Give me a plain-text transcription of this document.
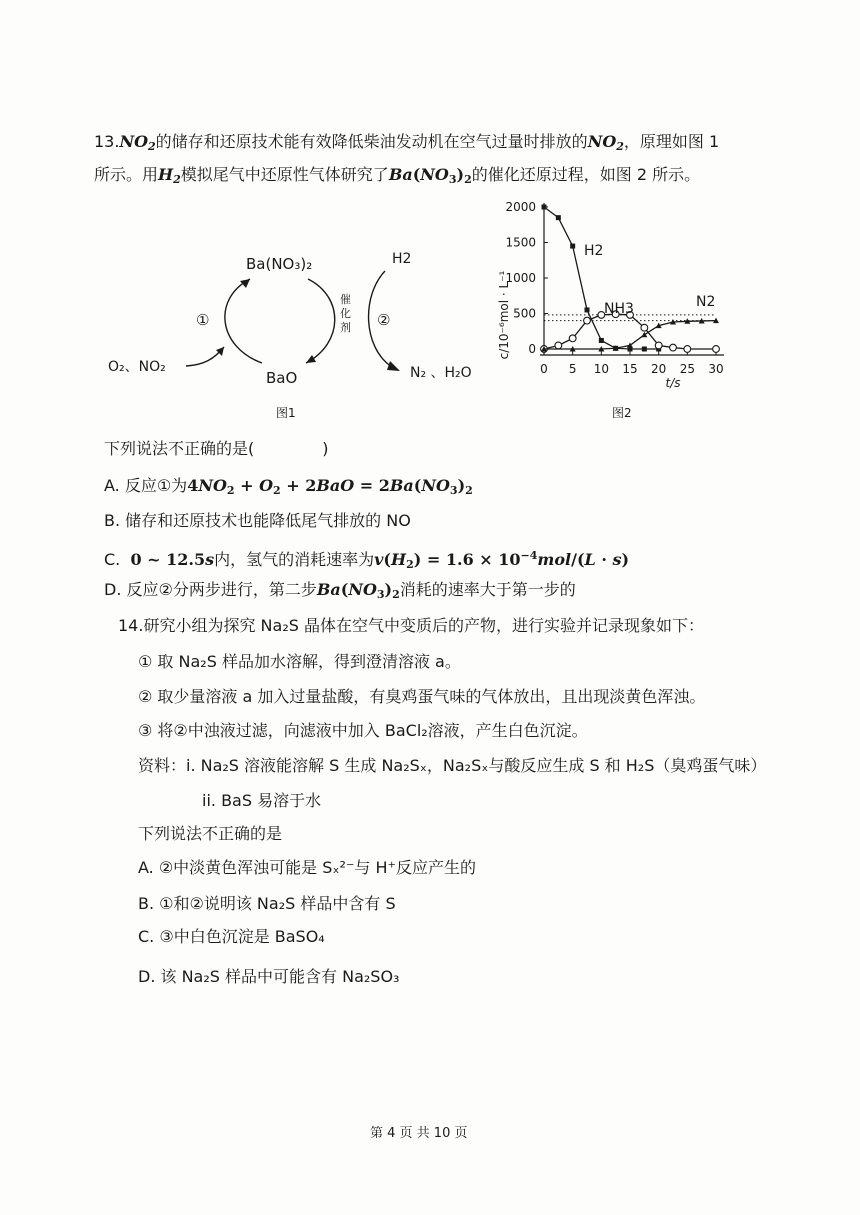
$13.NO_2$的储存和还原技术能有效降低柴油发动机在空气过量时排放的$NO_2$，原理如图 1
所示。用$H_2$模拟尾气中还原性气体研究了$Ba(NO_3)_2$的催化还原过程，如图 2 所示。
Ba(NO₃)₂	H2
①	②
催
化
剂
O₂、NO₂
BaO	N₂ 、H₂O
图1
0 5 10 15 20 25 30
0
500
1000
1500
2000
t/s
c/10⁻⁶mol · L⁻¹
H2
NH3	N2
图2
下列说法不正确的是(	)
A. 反应①为$4NO_2 + O_2 + 2BaO = 2Ba(NO_3)_2$
B. 储存和还原技术也能降低尾气排放的 NO
C. 0 ~ 12.5s内，氢气的消耗速率为$v(H_2) = 1.6 \times 10^{-4}mol/(L \cdot s)$
D. 反应②分两步进行，第二步$Ba(NO_3)_2$消耗的速率大于第一步的
14.研究小组为探究 Na₂S 晶体在空气中变质后的产物，进行实验并记录现象如下：
① 取 Na₂S 样品加水溶解，得到澄清溶液 a。
② 取少量溶液 a 加入过量盐酸，有臭鸡蛋气味的气体放出，且出现淡黄色浑浊。
③ 将②中浊液过滤，向滤液中加入 BaCl₂溶液，产生白色沉淀。
资料：i. Na₂S 溶液能溶解 S 生成 Na₂Sₓ，Na₂Sₓ与酸反应生成 S 和 H₂S（臭鸡蛋气味）
ii. BaS 易溶于水
下列说法不正确的是
A. ②中淡黄色浑浊可能是 Sₓ²⁻与 H⁺反应产生的
B. ①和②说明该 Na₂S 样品中含有 S
C. ③中白色沉淀是 BaSO₄
D. 该 Na₂S 样品中可能含有 Na₂SO₃
第 4 页 共 10 页
